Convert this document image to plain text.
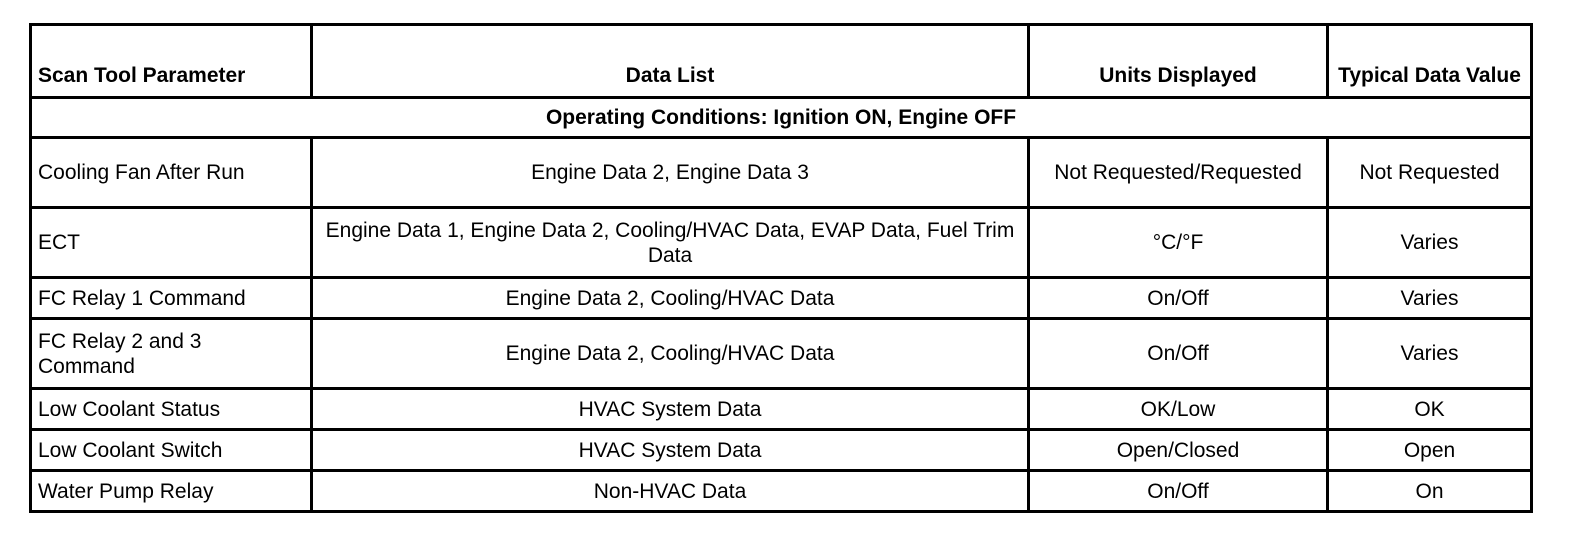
Scan Tool Parameter	Data List	Units Displayed	Typical Data Value
Operating Conditions: Ignition ON, Engine OFF			
Cooling Fan After Run	Engine Data 2, Engine Data 3	Not Requested/Requested	Not Requested
ECT	Engine Data 1, Engine Data 2, Cooling/HVAC Data, EVAP Data, Fuel Trim Data	°C/°F	Varies
FC Relay 1 Command	Engine Data 2, Cooling/HVAC Data	On/Off	Varies
FC Relay 2 and 3 Command	Engine Data 2, Cooling/HVAC Data	On/Off	Varies
Low Coolant Status	HVAC System Data	OK/Low	OK
Low Coolant Switch	HVAC System Data	Open/Closed	Open
Water Pump Relay	Non-HVAC Data	On/Off	On
